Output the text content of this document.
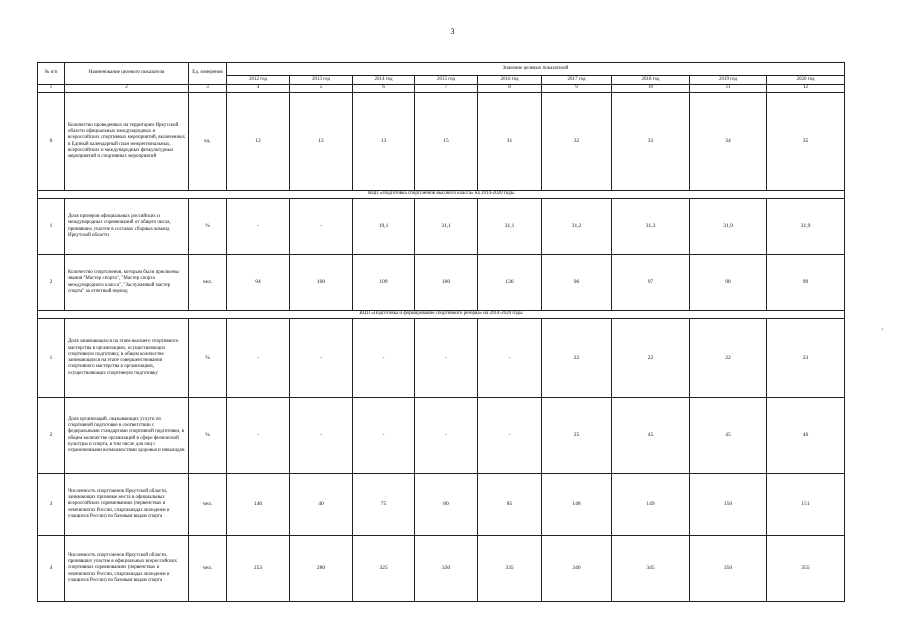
3
,
№ п/п	Наименование целевого показателя	Ед. измерения	Значение целевых показателей								
			2012 год	2013 год	2014 год	2015 год	2016 год	2017 год	2018 год	2019 год	2020 год
1	2	3	4	5	6	7	8	9	10	11	12
6	Количество проведенных на территории Иркутской области официальных международных и всероссийских спортивных мероприятий, включенных в Единый календарный план межрегиональных, всероссийских и международных физкультурных мероприятий и спортивных мероприятий	ед.	12	12	13	15	31	32	33	34	35
ВЦП «Подготовка спортсменов высокого класса» на 2014-2020 годы											
1	Доля призеров официальных российских и международных соревнований от общего числа, принявших участие в составах сборных команд Иркутской области	%	-	-	19,1	31,1	31,1	31,2	31,3	31,9	31,9
2	Количество спортсменов, которым были присвоены звания "Мастер спорта", "Мастер спорта международного класса", "Заслуженный мастер спорта" за отчетный период	чел.	94	100	109	100	136	96	97	98	99
ВЦП «Подготовка и формирование спортивного резерва» на 2014-2020 годы											
1	Доля занимающихся на этапе высшего спортивного мастерства в организациях, осуществляющих спортивную подготовку, в общем количестве занимающихся на этапе совершенствования спортивного мастерства в организациях, осуществляющих спортивную подготовку	%	-	-	-	-	-	22	22	22	23
2	Доля организаций, оказывающих услуги по спортивной подготовке в соответствии с федеральными стандартами спортивной подготовки, в общем количестве организаций в сфере физической культуры и спорта, в том числе для лиц с ограниченными возможностями здоровья и инвалидов	%	-	-	-	-	-	25	45	45	46
3	Численность спортсменов Иркутской области, занимающих призовые места в официальных всероссийских соревнованиях (первенствах и чемпионатах России, спартакиадах молодежи и учащихся России) по базовым видам спорта	чел.	146	40	75	80	85	148	149	150	151
4	Численность спортсменов Иркутской области, принявших участие в официальных всероссийских спортивных соревнованиях (первенствах и чемпионатах России, спартакиадах молодежи и учащихся России) по базовым видам спорта	чел.	253	280	325	330	335	340	345	350	355
